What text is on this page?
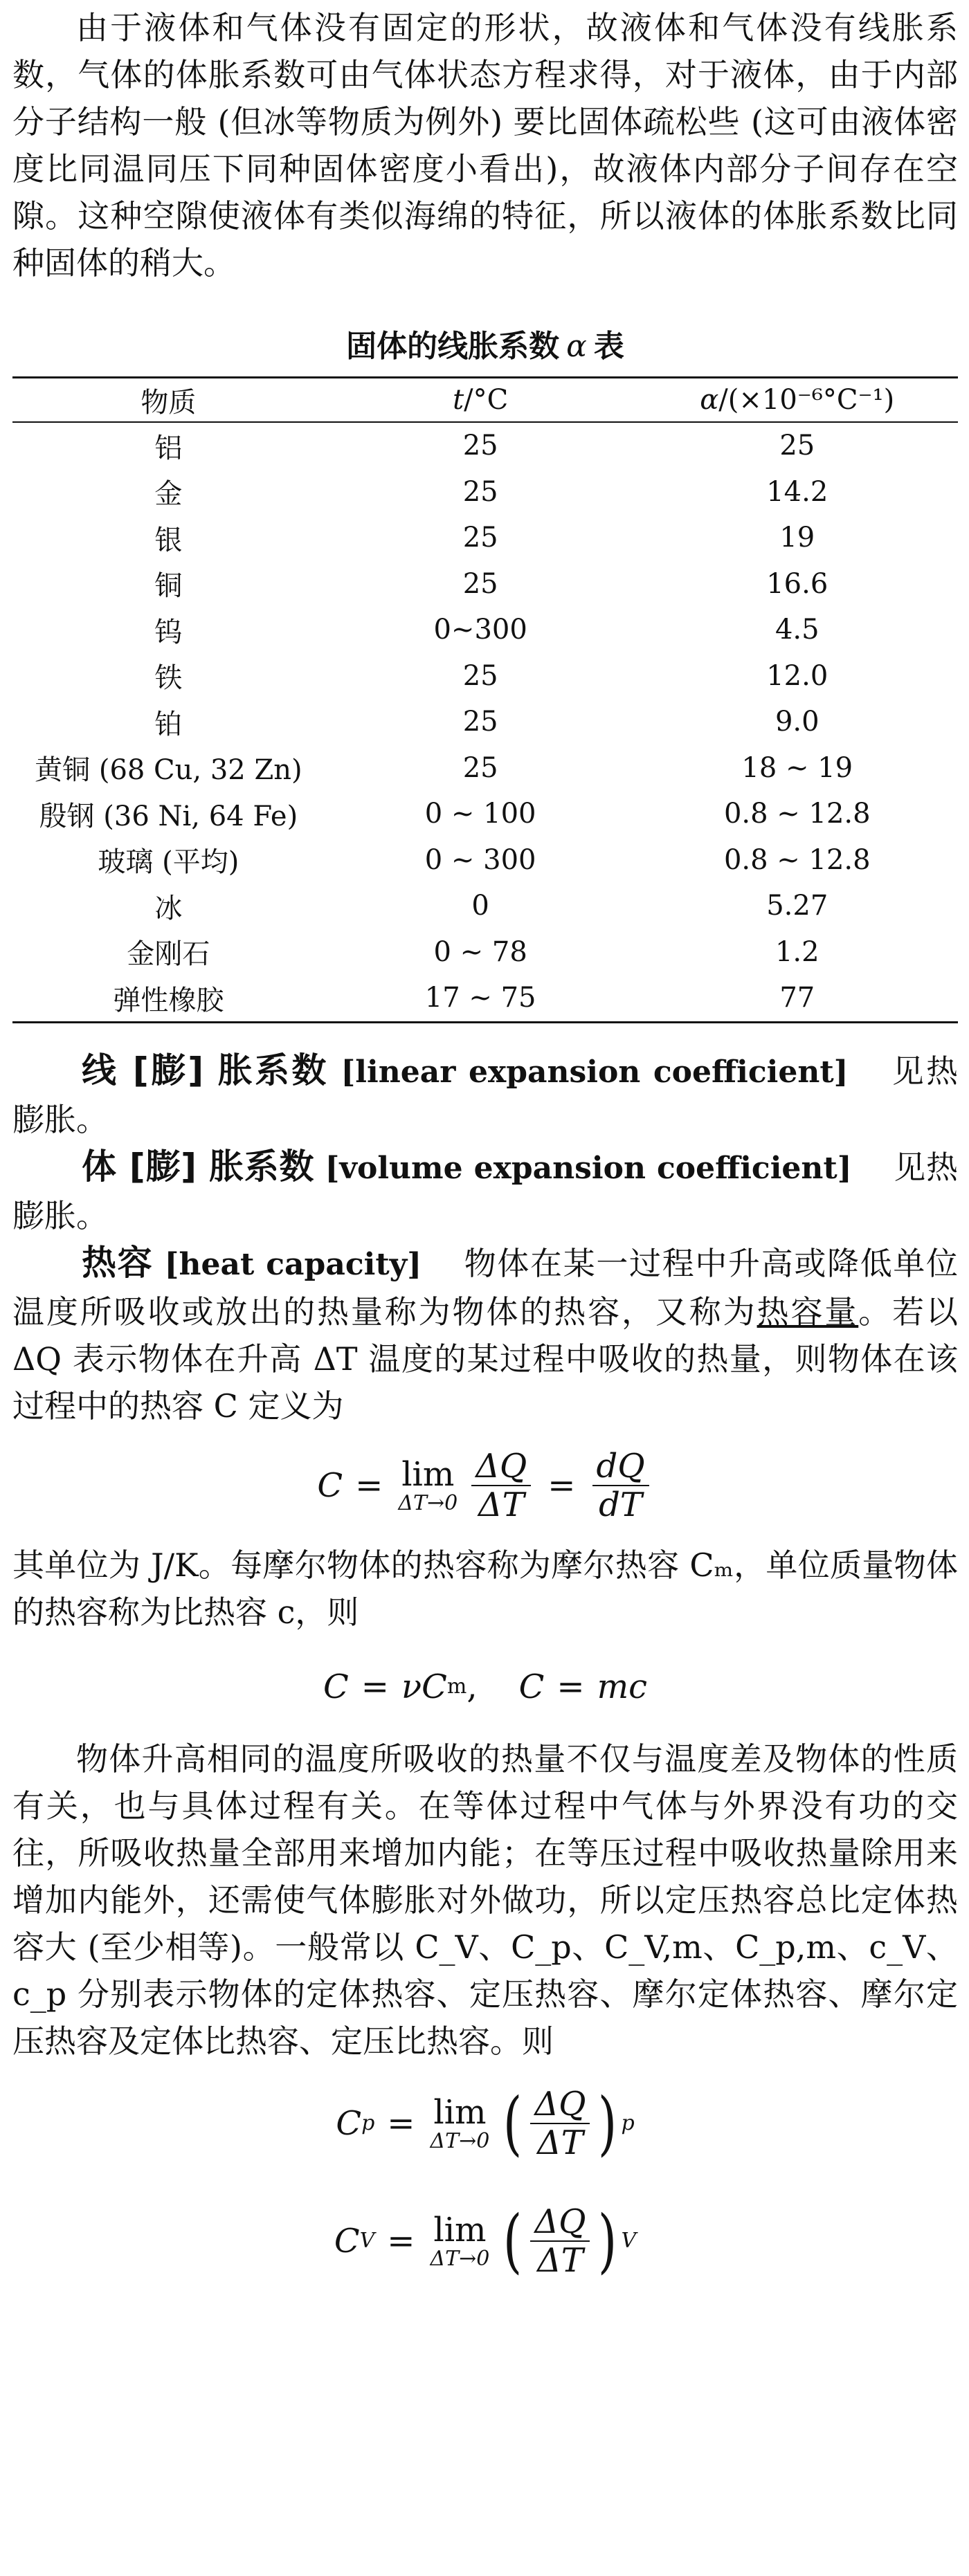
由于液体和气体没有固定的形状，故液体和气体没有线胀系数，气体的体胀系数可由气体状态方程求得，对于液体，由于内部分子结构一般 (但冰等物质为例外) 要比固体疏松些 (这可由液体密度比同温同压下同种固体密度小看出)，故液体内部分子间存在空隙。这种空隙使液体有类似海绵的特征，所以液体的体胀系数比同种固体的稍大。

固体的线胀系数 α 表
物质	t/°C	α/(×10⁻⁶°C⁻¹)
铝	25	25
金	25	14.2
银	25	19
铜	25	16.6
钨	0~300	4.5
铁	25	12.0
铂	25	9.0
黄铜 (68 Cu, 32 Zn)	25	18 ~ 19
殷钢 (36 Ni, 64 Fe)	0 ~ 100	0.8 ~ 12.8
玻璃 (平均)	0 ~ 300	0.8 ~ 12.8
冰	0	5.27
金刚石	0 ~ 78	1.2
弹性橡胶	17 ~ 75	77

线 [膨] 胀系数 [linear expansion coefficient] 见热膨胀。

体 [膨] 胀系数 [volume expansion coefficient] 见热膨胀。

热容 [heat capacity] 物体在某一过程中升高或降低单位温度所吸收或放出的热量称为物体的热容，又称为热容量。若以 ΔQ 表示物体在升高 ΔT 温度的某过程中吸收的热量，则物体在该过程中的热容 C 定义为

C = lim
$\Delta T\to 0 \frac{\Delta Q}{\Delta T} = \frac{dQ}{dT}$

其单位为 J/K。每摩尔物体的热容称为摩尔热容 Cₘ，单位质量物体的热容称为比热容 c，则

C = νC m , C = mc

物体升高相同的温度所吸收的热量不仅与温度差及物体的性质有关，也与具体过程有关。在等体过程中气体与外界没有功的交往，所吸收热量全部用来增加内能；在等压过程中吸收热量除用来增加内能外，还需使气体膨胀对外做功，所以定压热容总比定体热容大 (至少相等)。一般常以 C_V、C_p、C_V,m、C_p,m、c_V、c_p 分别表示物体的定体热容、定压热容、摩尔定体热容、摩尔定压热容及定体比热容、定压比热容。则

C p = lim
ΔT→0 ( $\frac{\Delta Q}{\Delta T}$ ) p
C V = lim
ΔT→0 ( $\frac{\Delta Q}{\Delta T}$ ) V
